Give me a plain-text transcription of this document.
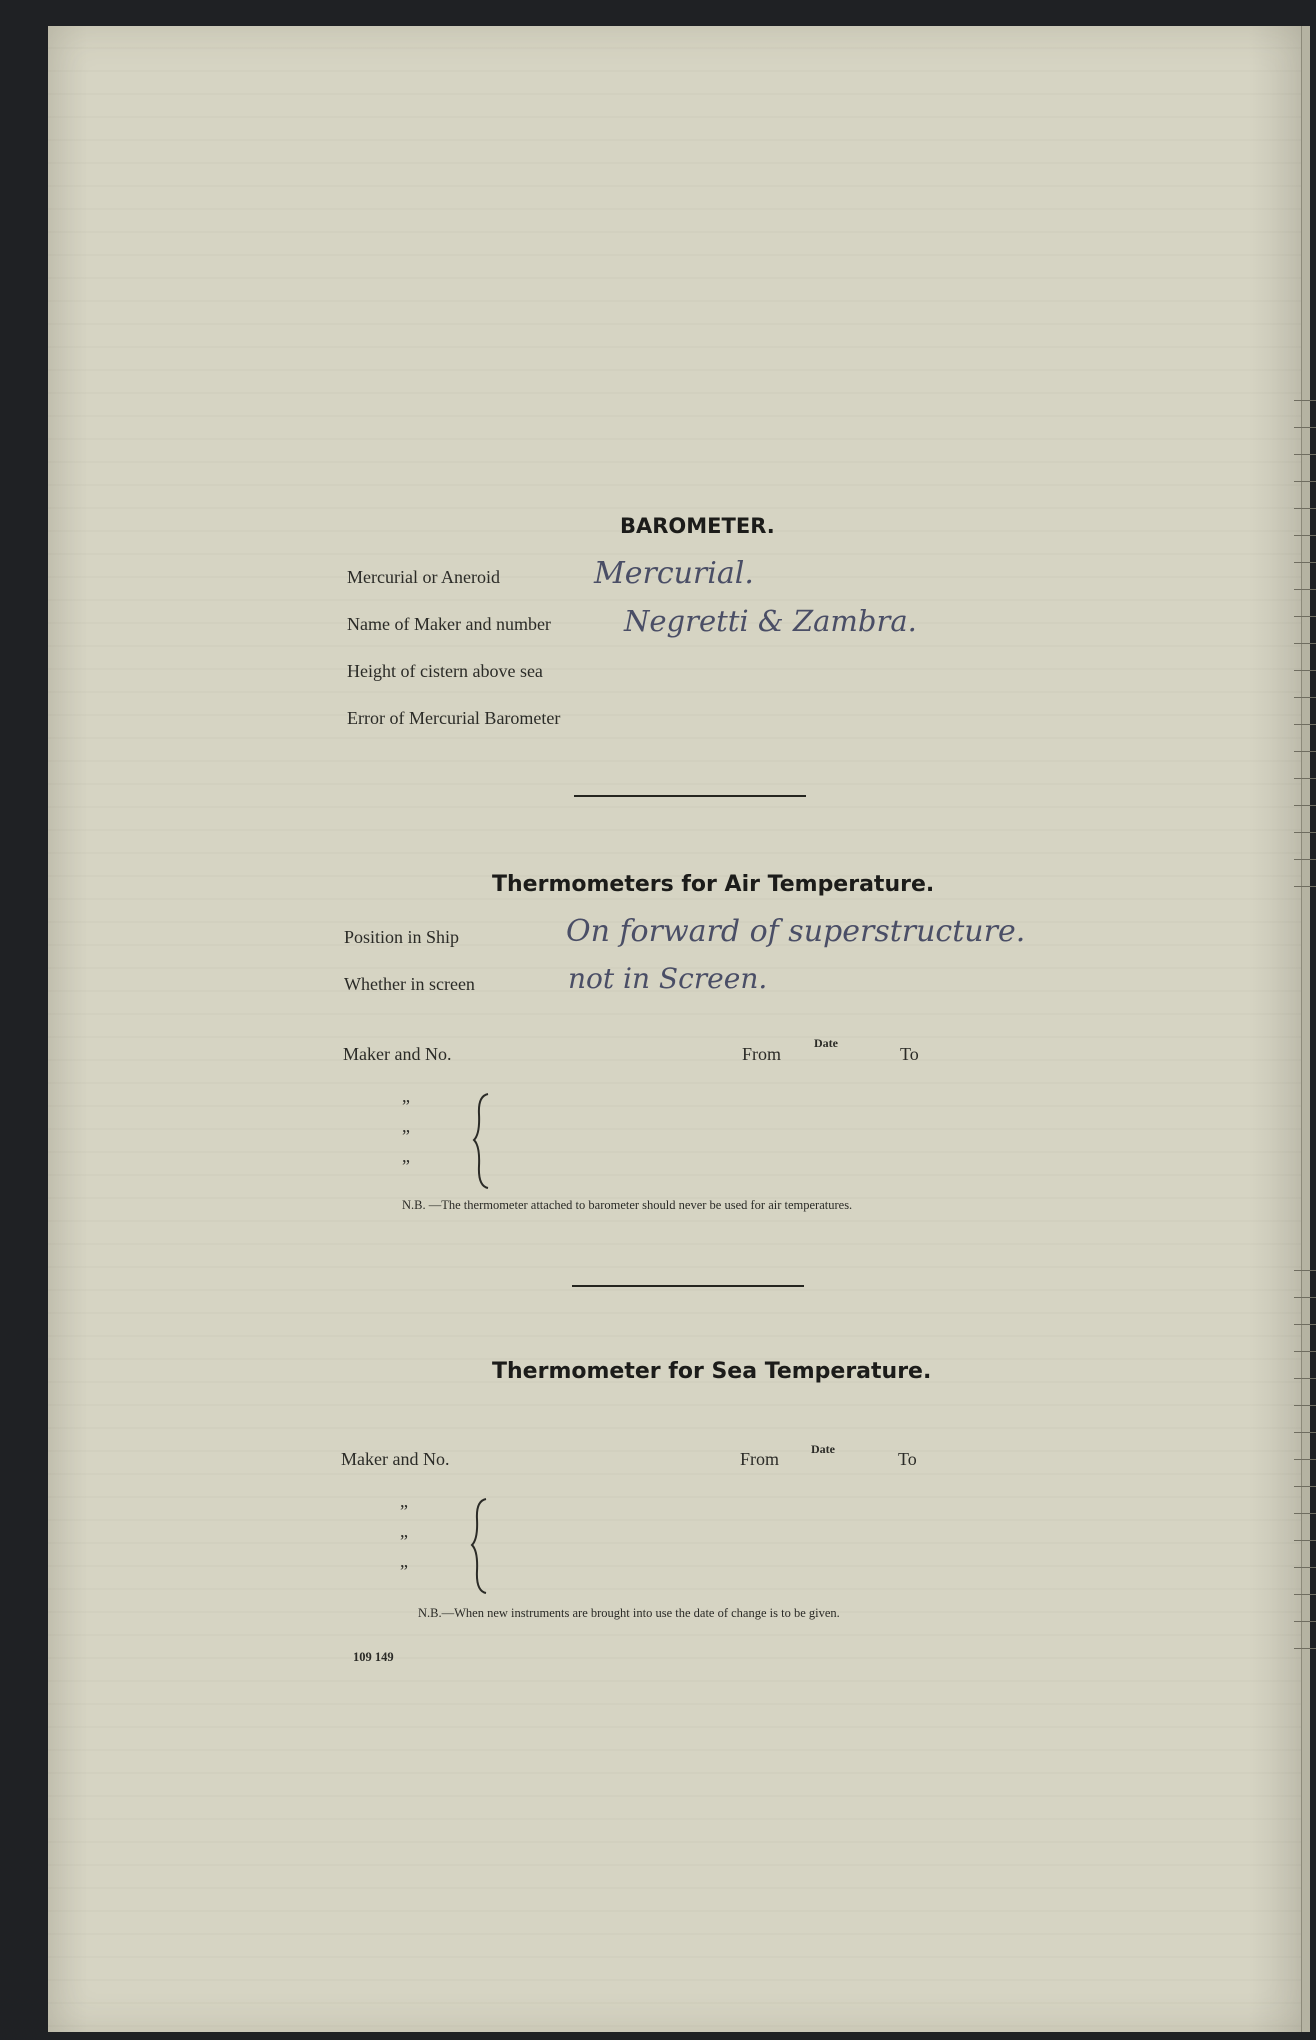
BAROMETER.
Mercurial or Aneroid	Mercurial.
Name of Maker and number	Negretti & Zambra.
Height of cistern above sea
Error of Mercurial Barometer
Thermometers for Air Temperature.
Position in Ship	On forward of superstructure.
Whether in screen	not in Screen.
Date
Maker and No.	From	To
”
”
”
N.B. —The thermometer attached to barometer should never be used for air temperatures.
Thermometer for Sea Temperature.
Date
Maker and No.	From	To
”
”
”
N.B.—When new instruments are brought into use the date of change is to be given.
109 149
